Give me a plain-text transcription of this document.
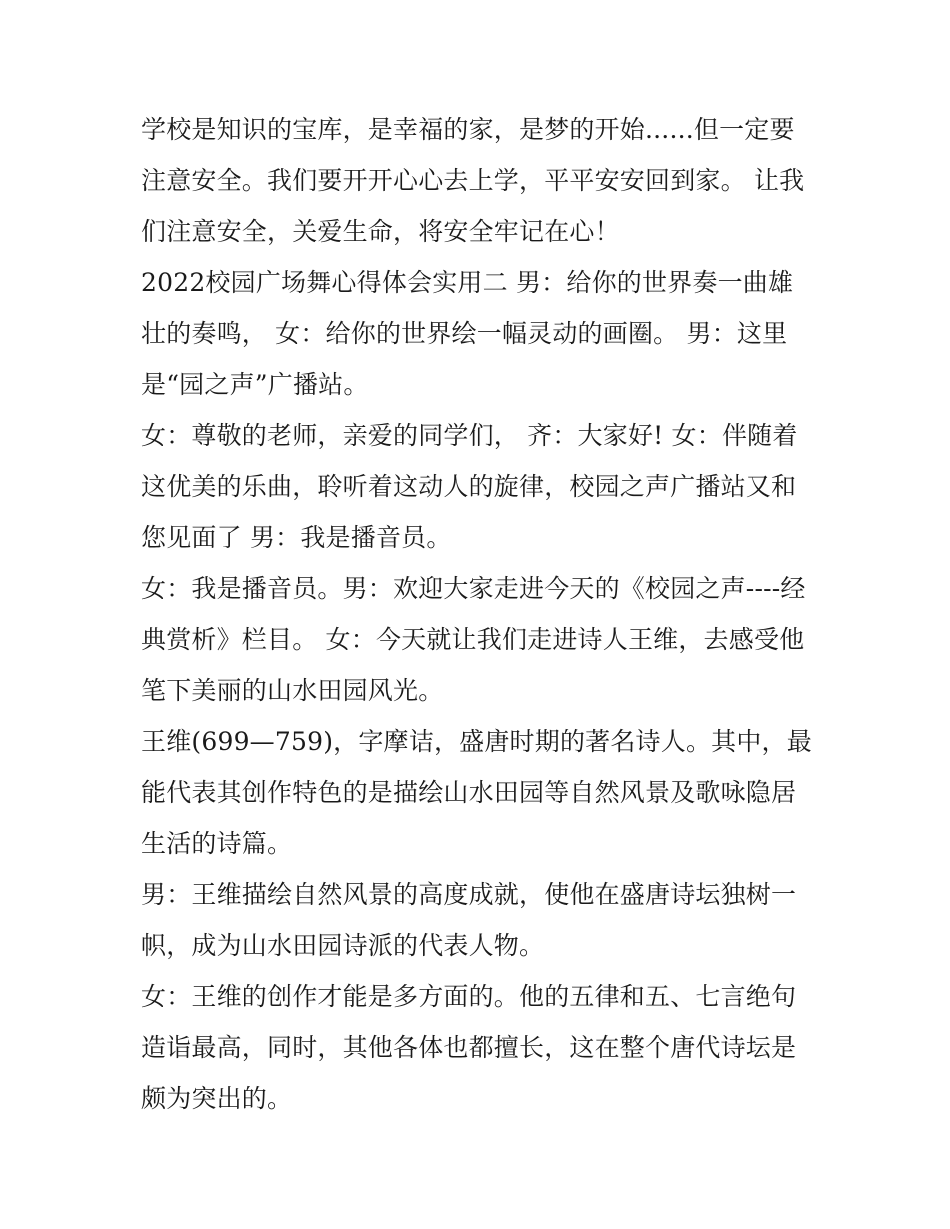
学校是知识的宝库，是幸福的家，是梦的开始......但一定要注意安全。我们要开开心心去上学，平平安安回到家。 让我们注意安全，关爱生命，将安全牢记在心！

2022校园广场舞心得体会实用二 男：给你的世界奏一曲雄壮的奏鸣， 女：给你的世界绘一幅灵动的画圈。 男：这里是“园之声”广播站。

女：尊敬的老师，亲爱的同学们， 齐：大家好! 女：伴随着这优美的乐曲，聆听着这动人的旋律，校园之声广播站又和您见面了 男：我是播音员。

女：我是播音员。男：欢迎大家走进今天的《校园之声----经典赏析》栏目。 女：今天就让我们走进诗人王维，去感受他笔下美丽的山水田园风光。

王维(699—759)，字摩诘，盛唐时期的著名诗人。其中，最能代表其创作特色的是描绘山水田园等自然风景及歌咏隐居生活的诗篇。

男：王维描绘自然风景的高度成就，使他在盛唐诗坛独树一帜，成为山水田园诗派的代表人物。

女：王维的创作才能是多方面的。他的五律和五、七言绝句造诣最高，同时，其他各体也都擅长，这在整个唐代诗坛是颇为突出的。
